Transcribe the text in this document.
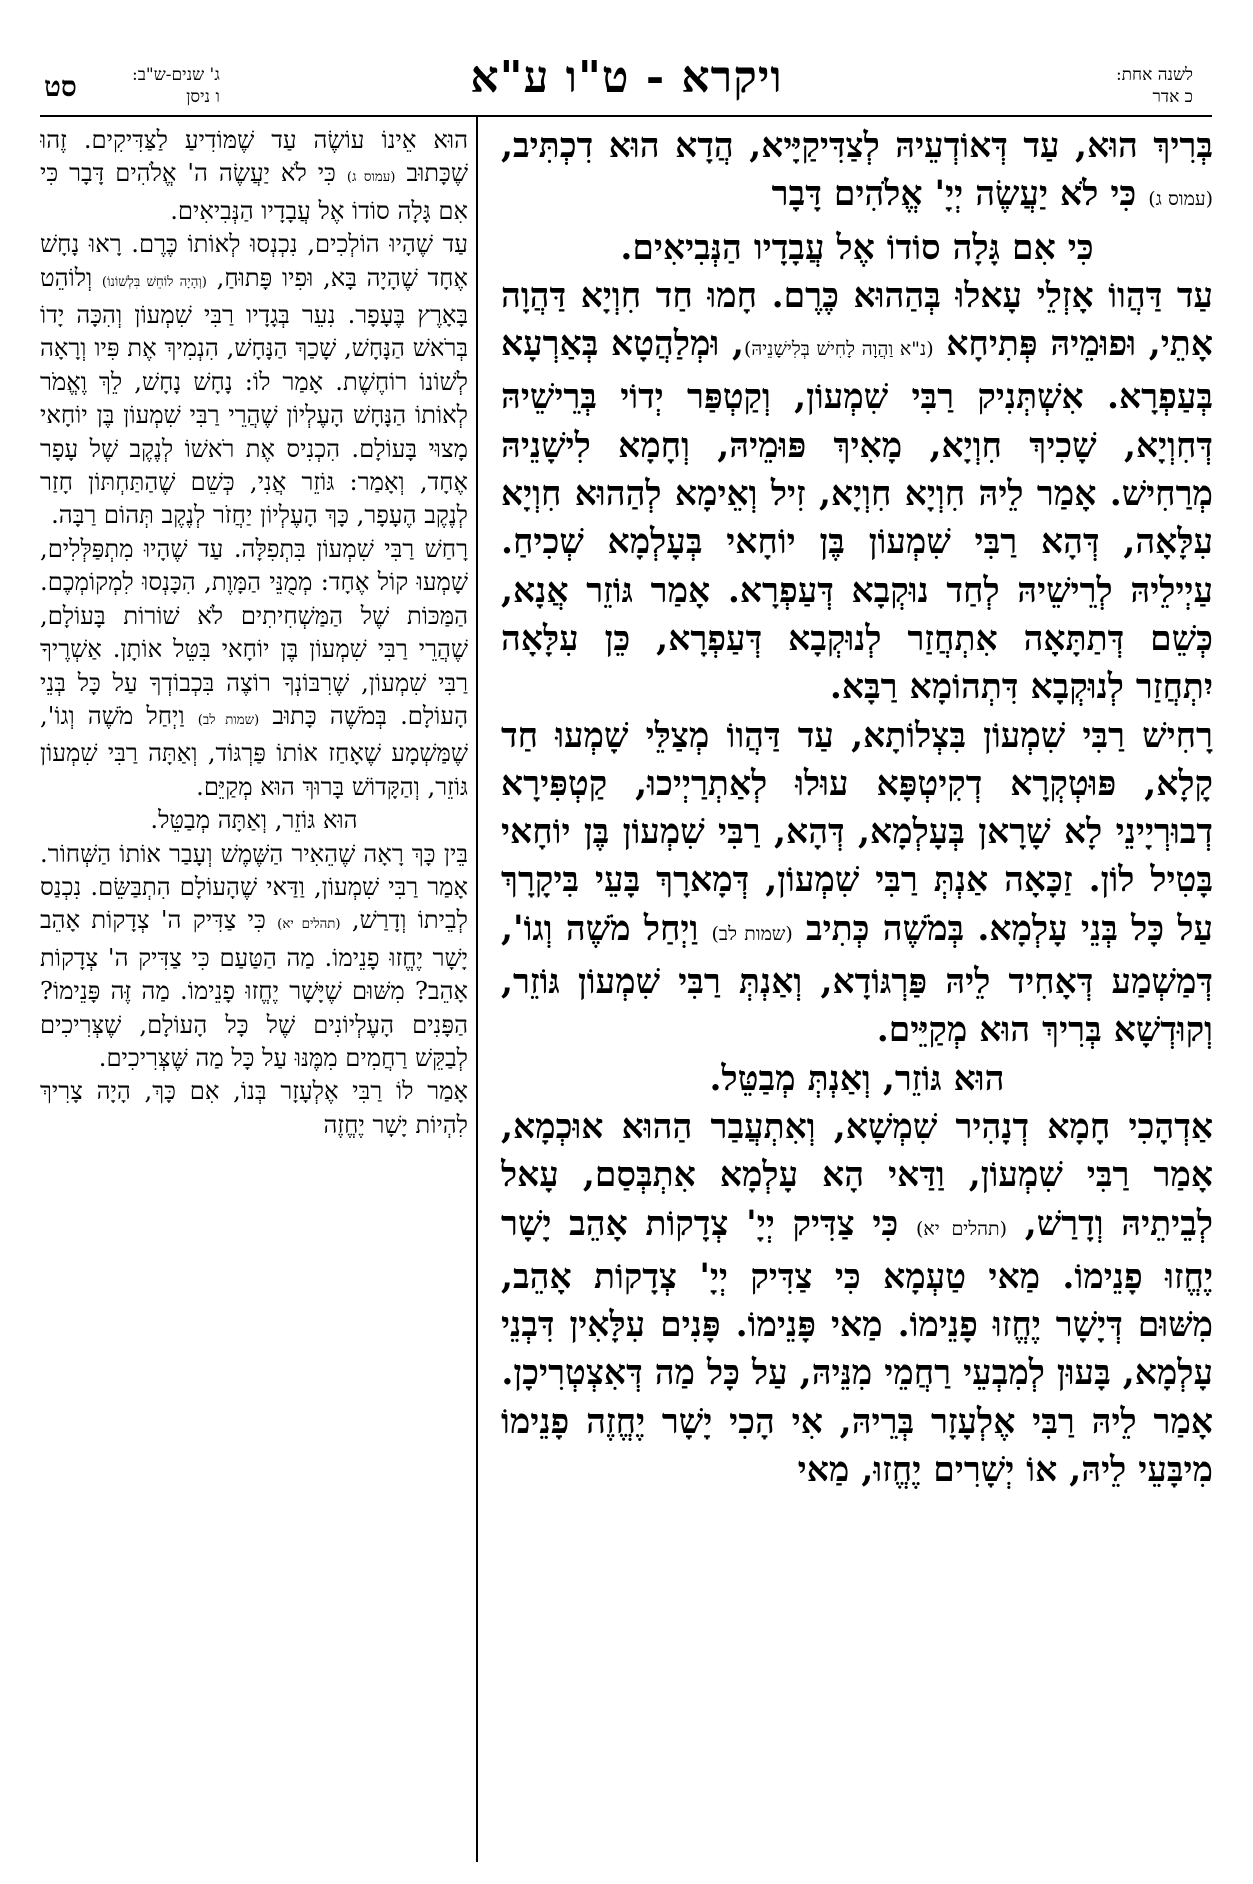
לשנה אחת:
כ אדר
ויקרא - ט"ו ע"א
ג' שנים-ש"ב:
ו ניסן
סט

בְּרִיךְ הוּא, עַד דְּאוֹדְעֵיהּ לְצַדִּיקַיָּיא, הֲדָא הוּא דִכְתִּיב, (עמוס ג) כִּי לֹא יַעֲשֶׂה יְיָ' אֱלֹהִים דָּבָר

כִּי אִם גָּלָה סוֹדוֹ אֶל עֲבָדָיו הַנְּבִיאִים.

עַד דַּהֲווֹ אָזְלֵי עָאלוּ בְּהַהוּא כֶּרֶם. חָמוּ חַד חִוְיָא דַּהֲוָה אָתֵי, וּפוּמֵיהּ פְּתִיחָא (נ"א וַהֲוָה לָחִישׁ בְּלִישָׁנֵיהּ), וּמְלַהֲטָא בְּאַרְעָא בְּעַפְרָא. אִשְׁתְּנִיק רַבִּי שִׁמְעוֹן, וְקַטְפַּר יְדוֹי בְּרֵישֵׁיהּ דְּחִוְיָא, שָׁכִיךְ חִוְיָא, מָאִיךְ פּוּמֵיהּ, וְחָמָא לִישָׁנֵיהּ מְרַחִישׁ. אָמַר לֵיהּ חִוְיָא חִוְיָא, זִיל וְאֵימָא לְהַהוּא חִוְיָא עִלָּאָה, דְּהָא רַבִּי שִׁמְעוֹן בֶּן יוֹחָאי בְּעָלְמָא שְׁכִיחַ. עַיְילֵיהּ לְרֵישֵׁיהּ לְחַד נוּקְבָא דְּעַפְרָא. אָמַר גּוֹזֵר אֲנָא, כְּשֵׁם דְּתַתָּאָה אִתְחֲזַר לְנוּקְבָא דְּעַפְרָא, כֵּן עִלָּאָה יִתְחֲזַר לְנוּקְבָא דִּתְהוֹמָא רַבָּא.

רָחִישׁ רַבִּי שִׁמְעוֹן בִּצְלוֹתָא, עַד דַּהֲווֹ מְצַלֵּי שָׁמְעוּ חַד קָלָא, פּוּטְקְרָא דְקִיטְפָּא עוּלוּ לְאַתְרַיְיכוּ, קַטְפִּירָא דְבוּרְיָינֵי לָא שָׁרָאן בְּעָלְמָא, דְּהָא, רַבִּי שִׁמְעוֹן בֶּן יוֹחָאי בָּטִיל לוֹן. זַכָּאָה אַנְתְּ רַבִּי שִׁמְעוֹן, דְּמָארָךְ בָּעֵי בִּיקָרָךְ עַל כָּל בְּנֵי עָלְמָא. בְּמֹשֶׁה כְּתִיב (שמות לב) וַיְחַל מֹשֶׁה וְגוֹ', דְּמַשְׁמַע דְּאָחִיד לֵיהּ פַּרְגּוֹדָא, וְאַנְתְּ רַבִּי שִׁמְעוֹן גּוֹזֵר, וְקוּדְשָׁא בְּרִיךְ הוּא מְקַיֵּים.

הוּא גּוֹזֵר, וְאַנְתְּ מְבַטֵּל.

אַדְהָכִי חָמָא דְנָהִיר שִׁמְשָׁא, וְאִתְעֲבַר הַהוּא אוּכְמָא, אָמַר רַבִּי שִׁמְעוֹן, וַדַּאי הָא עָלְמָא אִתְבְּסַם, עָאל לְבֵיתֵיהּ וְדָרַשׁ, (תהלים יא) כִּי צַדִּיק יְיָ' צְדָקוֹת אָהֵב יָשָׁר יֶחֱזוּ פָנֵימוֹ. מַאי טַעְמָא כִּי צַדִּיק יְיָ' צְדָקוֹת אָהֵב, מִשּׁוּם דְּיָשָׁר יֶחֱזוּ פָנֵימוֹ. מַאי פָּנֵימוֹ. פָּנִים עִלָּאִין דִּבְנֵי עָלְמָא, בָּעוּן לְמִבְעֵי רַחֲמֵי מִנֵּיהּ, עַל כָּל מַה דְּאִצְטְרִיכָן.

אָמַר לֵיהּ רַבִּי אֶלְעָזָר בְּרֵיהּ, אִי הָכִי יָשָׁר יֶחֱזֶה פָנֵימוֹ מִיבָּעֵי לֵיהּ, אוֹ יְשָׁרִים יֶחֱזוּ, מַאי

הוּא אֵינוֹ עוֹשֶׂה עַד שֶׁמּוֹדִיעַ לַצַּדִּיקִים. זֶהוּ שֶׁכָּתוּב (עמוס ג) כִּי לֹא יַעֲשֶׂה ה' אֱלֹהִים דָּבָר כִּי אִם גָּלָה סוֹדוֹ אֶל עֲבָדָיו הַנְּבִיאִים.

עַד שֶׁהָיוּ הוֹלְכִים, נִכְנְסוּ לְאוֹתוֹ כֶּרֶם. רָאוּ נָחָשׁ אֶחָד שֶׁהָיָה בָּא, וּפִיו פָּתוּחַ, (וְהָיָה לוֹחֵשׁ בִּלְשׁוֹנוֹ) וְלוֹהֵט בָּאָרֶץ בֶּעָפָר. נִעֵר בְּגָדָיו רַבִּי שִׁמְעוֹן וְהִכָּה יָדוֹ בְּרֹאשׁ הַנָּחָשׁ, שָׁכַךְ הַנָּחָשׁ, הִנְמִיךְ אֶת פִּיו וְרָאָה לְשׁוֹנוֹ רוֹחֶשֶׁת. אָמַר לוֹ: נָחָשׁ נָחָשׁ, לֵךְ וֶאֱמֹר לְאוֹתוֹ הַנָּחָשׁ הָעֶלְיוֹן שֶׁהֲרֵי רַבִּי שִׁמְעוֹן בֶּן יוֹחָאי מָצוּי בָּעוֹלָם. הִכְנִיס אֶת רֹאשׁוֹ לְנֶקֶב שֶׁל עָפָר אֶחָד, וְאָמַר: גּוֹזֵר אֲנִי, כְּשֵׁם שֶׁהַתַּחְתּוֹן חָזַר לְנֶקֶב הֶעָפָר, כָּךְ הָעֶלְיוֹן יַחֲזֹר לְנֶקֶב תְּהוֹם רַבָּה.

רָחַשׁ רַבִּי שִׁמְעוֹן בִּתְפִלָּה. עַד שֶׁהָיוּ מִתְפַּלְּלִים, שָׁמְעוּ קוֹל אֶחָד: מְמֻנֵּי הַמָּוֶת, הִכָּנְסוּ לִמְקוֹמְכֶם. הַמַּכּוֹת שֶׁל הַמַּשְׁחִיתִים לֹא שׁוֹרוֹת בָּעוֹלָם, שֶׁהֲרֵי רַבִּי שִׁמְעוֹן בֶּן יוֹחָאי בִּטֵּל אוֹתָן. אַשְׁרֶיךָ רַבִּי שִׁמְעוֹן, שֶׁרִבּוֹנְךָ רוֹצֶה בִּכְבוֹדְךָ עַל כָּל בְּנֵי הָעוֹלָם. בְּמֹשֶׁה כָּתוּב (שמות לב) וַיְחַל מֹשֶׁה וְגוֹ', שֶׁמַּשְׁמָע שֶׁאָחַז אוֹתוֹ פַּרְגּוֹד, וְאַתָּה רַבִּי שִׁמְעוֹן גּוֹזֵר, וְהַקָּדוֹשׁ בָּרוּךְ הוּא מְקַיֵּם.

הוּא גּוֹזֵר, וְאַתָּה מְבַטֵּל.

בֵּין כָּךְ רָאָה שֶׁהֵאִיר הַשֶּׁמֶשׁ וְעָבַר אוֹתוֹ הַשְּׁחוֹר. אָמַר רַבִּי שִׁמְעוֹן, וַדַּאי שֶׁהָעוֹלָם הִתְבַּשֵּׂם. נִכְנַס לְבֵיתוֹ וְדָרַשׁ, (תהלים יא) כִּי צַדִּיק ה' צְדָקוֹת אָהֵב יָשָׁר יֶחֱזוּ פָנֵימוֹ. מַה הַטַּעַם כִּי צַדִּיק ה' צְדָקוֹת אָהֵב? מִשּׁוּם שֶׁיָּשָׁר יֶחֱזוּ פָנֵימוֹ. מַה זֶּה פָּנֵימוֹ? הַפָּנִים הָעֶלְיוֹנִים שֶׁל כָּל הָעוֹלָם, שֶׁצְּרִיכִים לְבַקֵּשׁ רַחֲמִים מִמֶּנּוּ עַל כָּל מַה שֶּׁצְּרִיכִים.

אָמַר לוֹ רַבִּי אֶלְעָזָר בְּנוֹ, אִם כָּךְ, הָיָה צָרִיךְ לִהְיוֹת יָשָׁר יֶחֱזֶה
